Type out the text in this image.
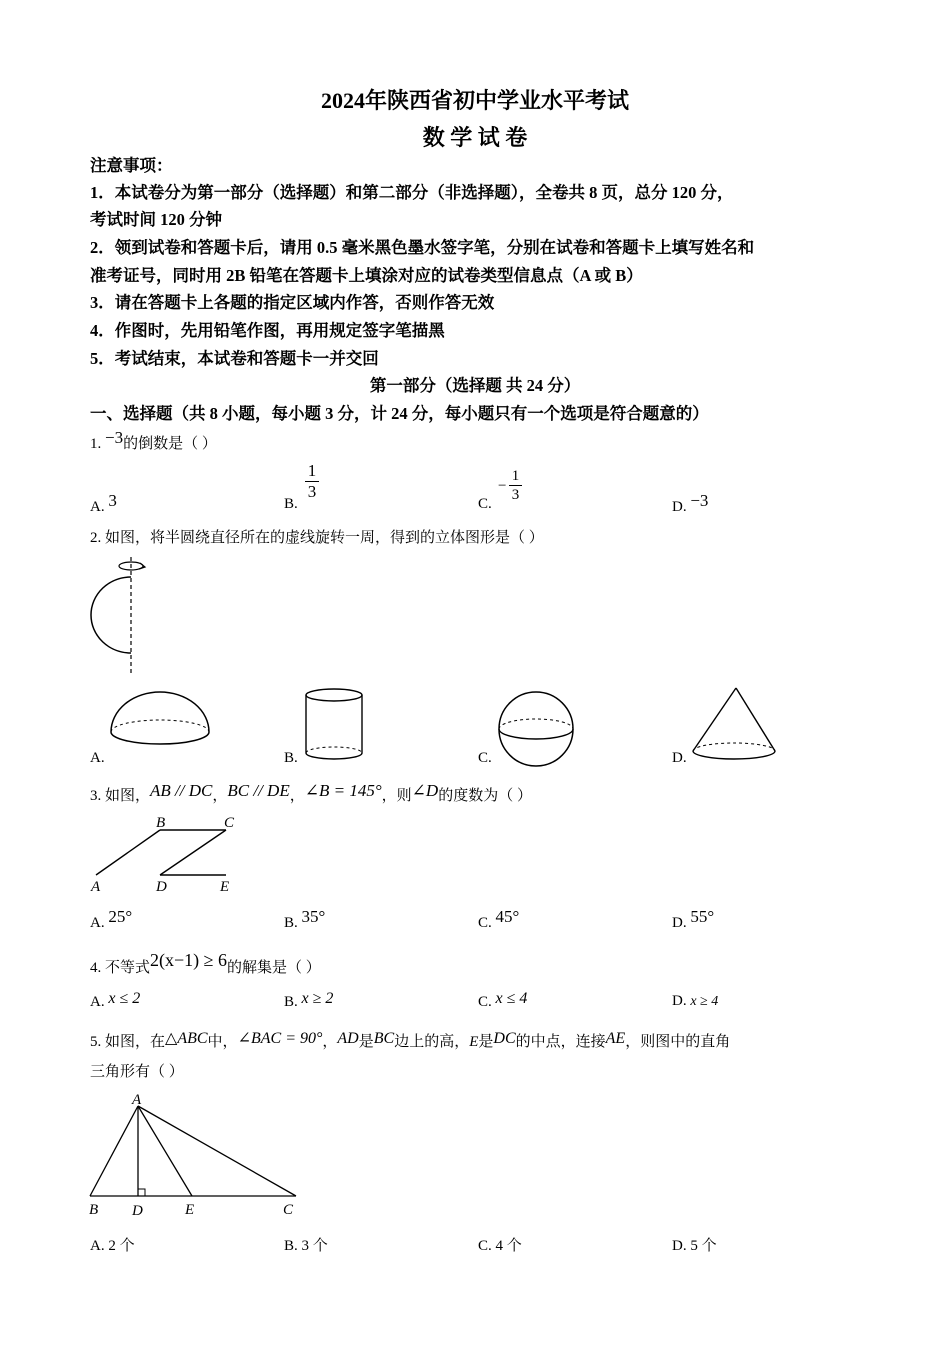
2024年陕西省初中学业水平考试
数 学 试 卷
注意事项：
1．本试卷分为第一部分（选择题）和第二部分（非选择题），全卷共 8 页，总分 120 分，
考试时间 120 分钟
2．领到试卷和答题卡后，请用 0.5 毫米黑色墨水签字笔，分别在试卷和答题卡上填写姓名和
准考证号，同时用 2B 铅笔在答题卡上填涂对应的试卷类型信息点（A 或 B）
3．请在答题卡上各题的指定区域内作答，否则作答无效
4．作图时，先用铅笔作图，再用规定签字笔描黑
5．考试结束，本试卷和答题卡一并交回
第一部分（选择题 共 24 分）
一、选择题（共 8 小题，每小题 3 分，计 24 分，每小题只有一个选项是符合题意的）
1. −3的倒数是（ ）
A. 3	B.
$\frac{1}{3}$
C.
− $\frac{1}{3}$
D. −3
2. 如图，将半圆绕直径所在的虚线旋转一周，得到的立体图形是（ ）
A.	B.	C.	D.
3. 如图，AB // DC，BC // DE，∠B = 145°，则∠D的度数为（ ）
B	C
A	D	E
A. 25°	B. 35°	C. 45°	D. 55°
4. 不等式2(x−1) ≥ 6的解集是（ ）
A. x ≤ 2	B. x ≥ 2	C. x ≤ 4	D. x ≥ 4
5. 如图，在△ABC中，∠BAC = 90°，AD是BC边上的高，E是DC的中点，连接AE，则图中的直角
三角形有（ ）
A
B D	E	C
A. 2 个	B. 3 个	C. 4 个	D. 5 个
